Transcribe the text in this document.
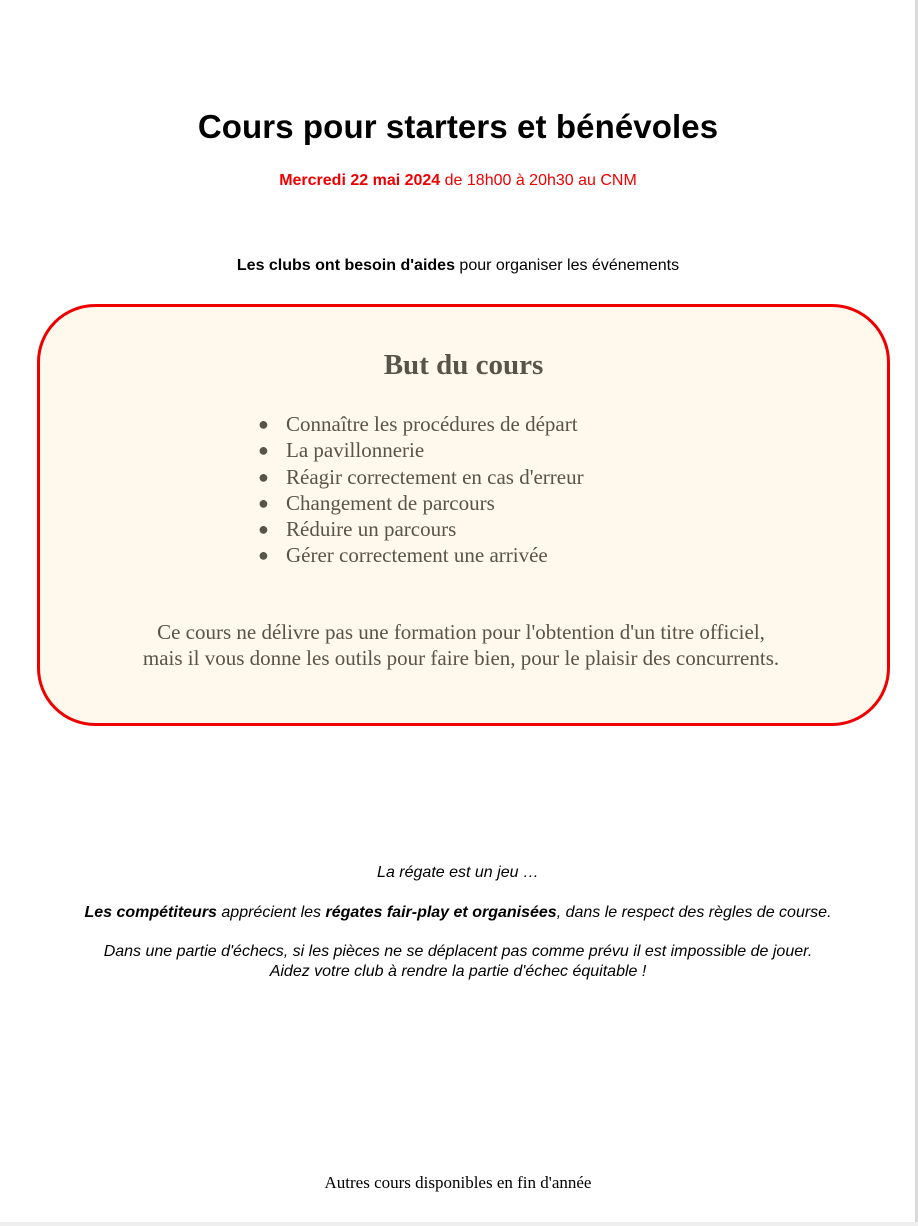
Cours pour starters et bénévoles

Mercredi 22 mai 2024 de 18h00 à 20h30 au CNM

Les clubs ont besoin d'aides pour organiser les événements

But du cours
● Connaître les procédures de départ
● La pavillonnerie
● Réagir correctement en cas d'erreur
● Changement de parcours
● Réduire un parcours
● Gérer correctement une arrivée

Ce cours ne délivre pas une formation pour l'obtention d'un titre officiel,
mais il vous donne les outils pour faire bien, pour le plaisir des concurrents.

La régate est un jeu …

Les compétiteurs apprécient les régates fair-play et organisées, dans le respect des règles de course.

Dans une partie d'échecs, si les pièces ne se déplacent pas comme prévu il est impossible de jouer.
Aidez votre club à rendre la partie d'échec équitable !

Autres cours disponibles en fin d'année
